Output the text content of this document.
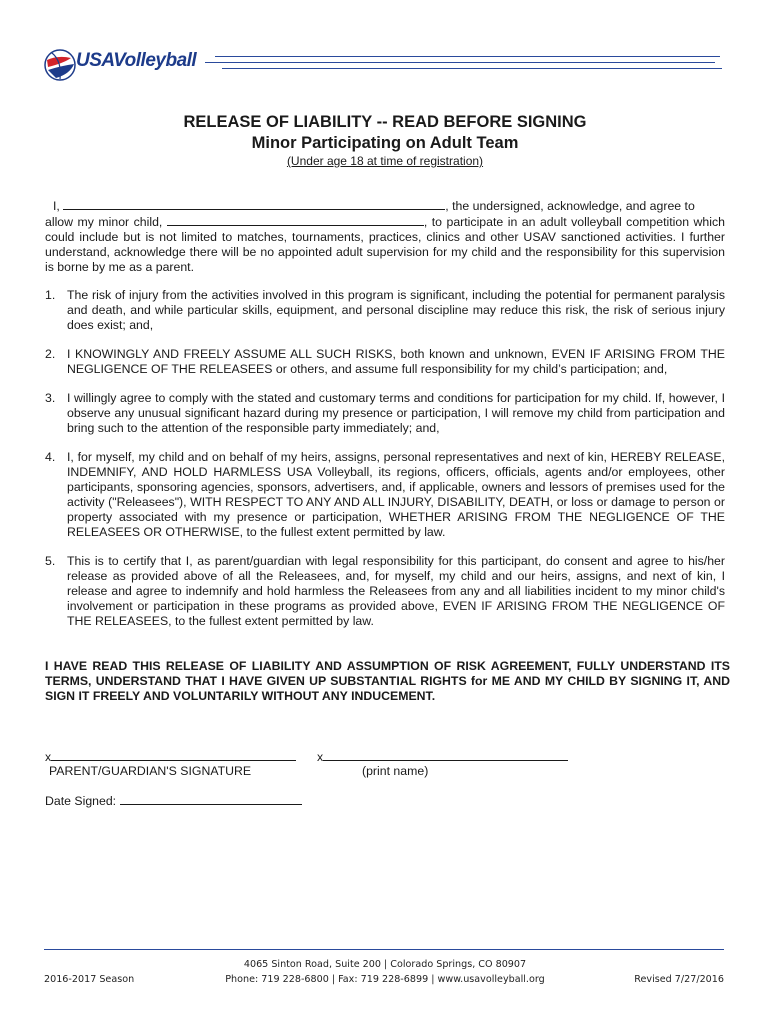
USAVolleyball
RELEASE OF LIABILITY -- READ BEFORE SIGNING
Minor Participating on Adult Team
(Under age 18 at time of registration)
I,	, the undersigned, acknowledge, and agree to
allow my minor child,	, to participate in an adult volleyball competition which could include but is not limited to matches, tournaments, practices, clinics and other USAV sanctioned activities. I further understand, acknowledge there will be no appointed adult supervision for my child and the responsibility for this supervision is borne by me as a parent.
1. The risk of injury from the activities involved in this program is significant, including the potential for permanent paralysis and death, and while particular skills, equipment, and personal discipline may reduce this risk, the risk of serious injury does exist; and,
2. I KNOWINGLY AND FREELY ASSUME ALL SUCH RISKS, both known and unknown, EVEN IF ARISING FROM THE NEGLIGENCE OF THE RELEASEES or others, and assume full responsibility for my child’s participation; and,
3. I willingly agree to comply with the stated and customary terms and conditions for participation for my child. If, however, I observe any unusual significant hazard during my presence or participation, I will remove my child from participation and bring such to the attention of the responsible party immediately; and,
4. I, for myself, my child and on behalf of my heirs, assigns, personal representatives and next of kin, HEREBY RELEASE, INDEMNIFY, AND HOLD HARMLESS USA Volleyball, its regions, officers, officials, agents and/or employees, other participants, sponsoring agencies, sponsors, advertisers, and, if applicable, owners and lessors of premises used for the activity ("Releasees"), WITH RESPECT TO ANY AND ALL INJURY, DISABILITY, DEATH, or loss or damage to person or property associated with my presence or participation, WHETHER ARISING FROM THE NEGLIGENCE OF THE RELEASEES OR OTHERWISE, to the fullest extent permitted by law.
5. This is to certify that I, as parent/guardian with legal responsibility for this participant, do consent and agree to his/her release as provided above of all the Releasees, and, for myself, my child and our heirs, assigns, and next of kin, I release and agree to indemnify and hold harmless the Releasees from any and all liabilities incident to my minor child's involvement or participation in these programs as provided above, EVEN IF ARISING FROM THE NEGLIGENCE OF THE RELEASEES, to the fullest extent permitted by law.
I HAVE READ THIS RELEASE OF LIABILITY AND ASSUMPTION OF RISK AGREEMENT, FULLY UNDERSTAND ITS TERMS, UNDERSTAND THAT I HAVE GIVEN UP SUBSTANTIAL RIGHTS for ME AND MY CHILD BY SIGNING IT, AND SIGN IT FREELY AND VOLUNTARILY WITHOUT ANY INDUCEMENT.
x	x
PARENT/GUARDIAN'S SIGNATURE	(print name)
Date Signed:
4065 Sinton Road, Suite 200 | Colorado Springs, CO 80907
2016-2017 Season	Phone: 719 228-6800 | Fax: 719 228-6899 | www.usavolleyball.org	Revised 7/27/2016
